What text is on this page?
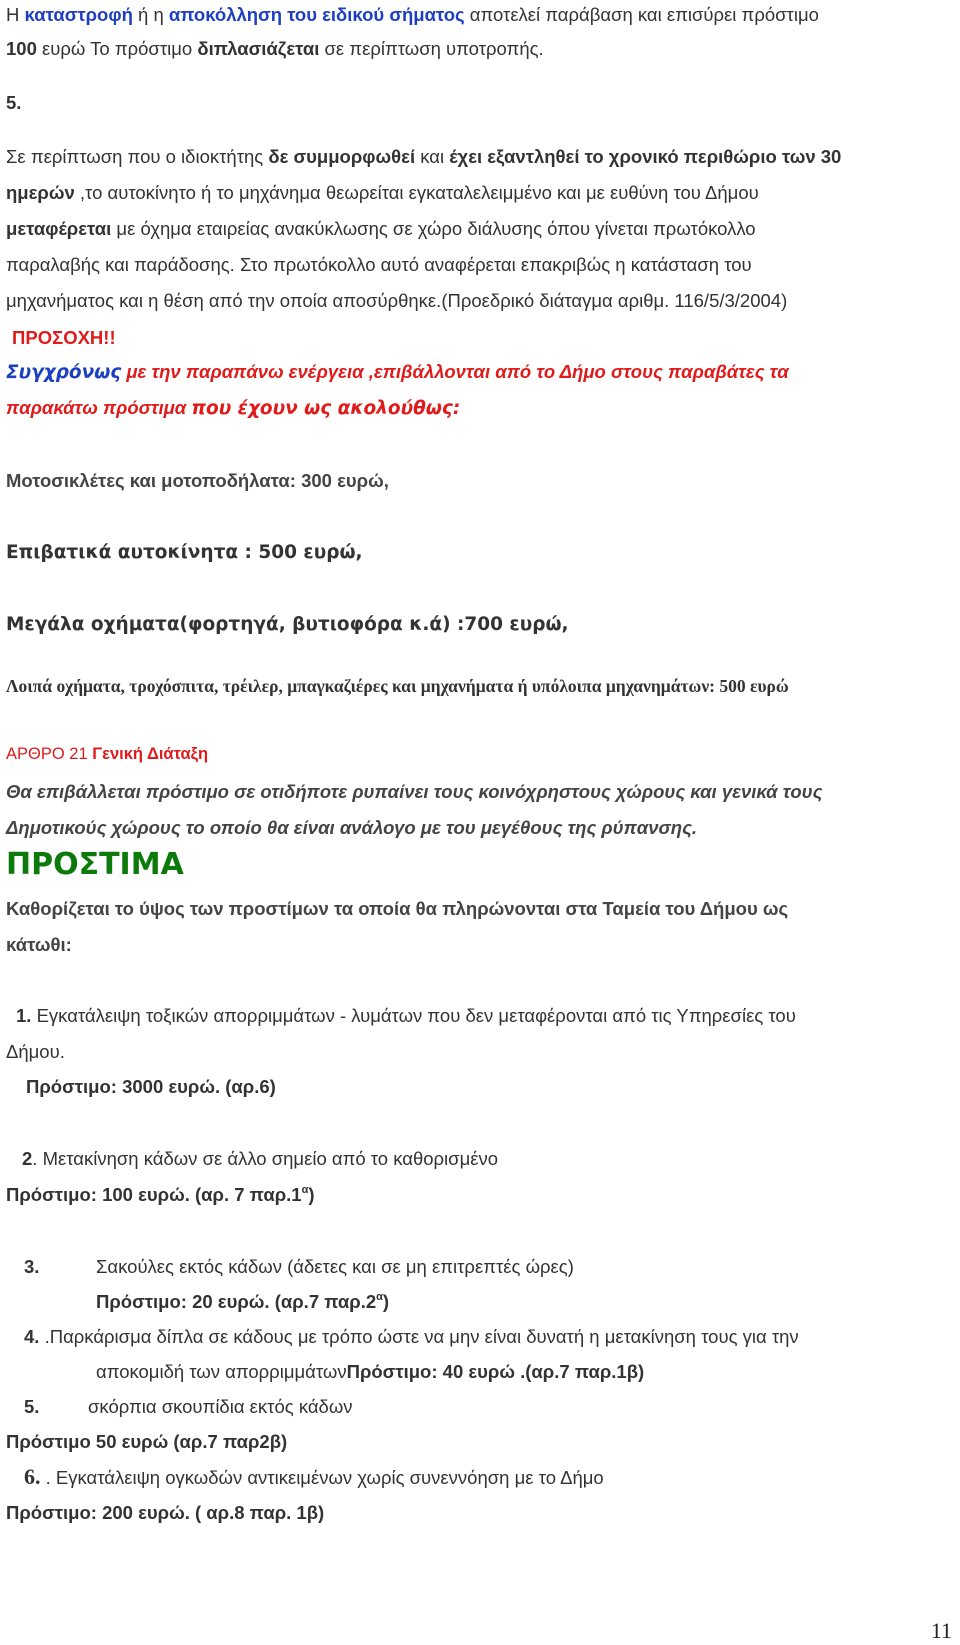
Η καταστροφή ή η αποκόλληση του ειδικού σήματος αποτελεί παράβαση και επισύρει πρόστιμο
100 ευρώ Το πρόστιμο διπλασιάζεται σε περίπτωση υποτροπής.
5.
Σε περίπτωση που ο ιδιοκτήτης δε συμμορφωθεί και έχει εξαντληθεί το χρονικό περιθώριο των 30
ημερών ,το αυτοκίνητο ή το μηχάνημα θεωρείται εγκαταλελειμμένο και με ευθύνη του Δήμου
μεταφέρεται με όχημα εταιρείας ανακύκλωσης σε χώρο διάλυσης όπου γίνεται πρωτόκολλο
παραλαβής και παράδοσης. Στο πρωτόκολλο αυτό αναφέρεται επακριβώς η κατάσταση του
μηχανήματος και η θέση από την οποία αποσύρθηκε.(Προεδρικό διάταγμα αριθμ. 116/5/3/2004)
ΠΡΟΣΟΧΗ!!
Συγχρόνως με την παραπάνω ενέργεια ,επιβάλλονται από το Δήμο στους παραβάτες τα
παρακάτω πρόστιμα που έχουν ως ακολούθως:
Μοτοσικλέτες και μοτοποδήλατα: 300 ευρώ,
Επιβατικά αυτοκίνητα : 500 ευρώ,
Μεγάλα οχήματα(φορτηγά, βυτιοφόρα κ.ά) :700 ευρώ,
Λοιπά οχήματα, τροχόσπιτα, τρέιλερ, μπαγκαζιέρες και μηχανήματα ή υπόλοιπα μηχανημάτων: 500 ευρώ
ΑΡΘΡΟ 21 Γενική Διάταξη
Θα επιβάλλεται πρόστιμο σε οτιδήποτε ρυπαίνει τους κοινόχρηστους χώρους και γενικά τους
Δημοτικούς χώρους το οποίο θα είναι ανάλογο με του μεγέθους της ρύπανσης.
ΠΡΟΣΤΙΜΑ
Καθορίζεται το ύψος των προστίμων τα οποία θα πληρώνονται στα Ταμεία του Δήμου ως
κάτωθι:
1. Εγκατάλειψη τοξικών απορριμμάτων - λυμάτων που δεν μεταφέρονται από τις Υπηρεσίες του
Δήμου.
Πρόστιμο: 3000 ευρώ. (αρ.6)
2. Μετακίνηση κάδων σε άλλο σημείο από το καθορισμένο
Πρόστιμο: 100 ευρώ. (αρ. 7 $\pi\alpha\rho.1^\alpha$)
3.	Σακούλες εκτός κάδων (άδετες και σε μη επιτρεπτές ώρες)
Πρόστιμο: 20 ευρώ. (αρ.7 $\pi\alpha\rho.2^\alpha$)
4. .Παρκάρισμα δίπλα σε κάδους με τρόπο ώστε να μην είναι δυνατή η μετακίνηση τους για την
αποκομιδή των απορριμμάτωνΠρόστιμο: 40 ευρώ .(αρ.7 παρ.1β)
5.	σκόρπια σκουπίδια εκτός κάδων
Πρόστιμο 50 ευρώ (αρ.7 παρ2β)
6. . Εγκατάλειψη ογκωδών αντικειμένων χωρίς συνεννόηση με το Δήμο
Πρόστιμο: 200 ευρώ. ( αρ.8 παρ. 1β)
11
